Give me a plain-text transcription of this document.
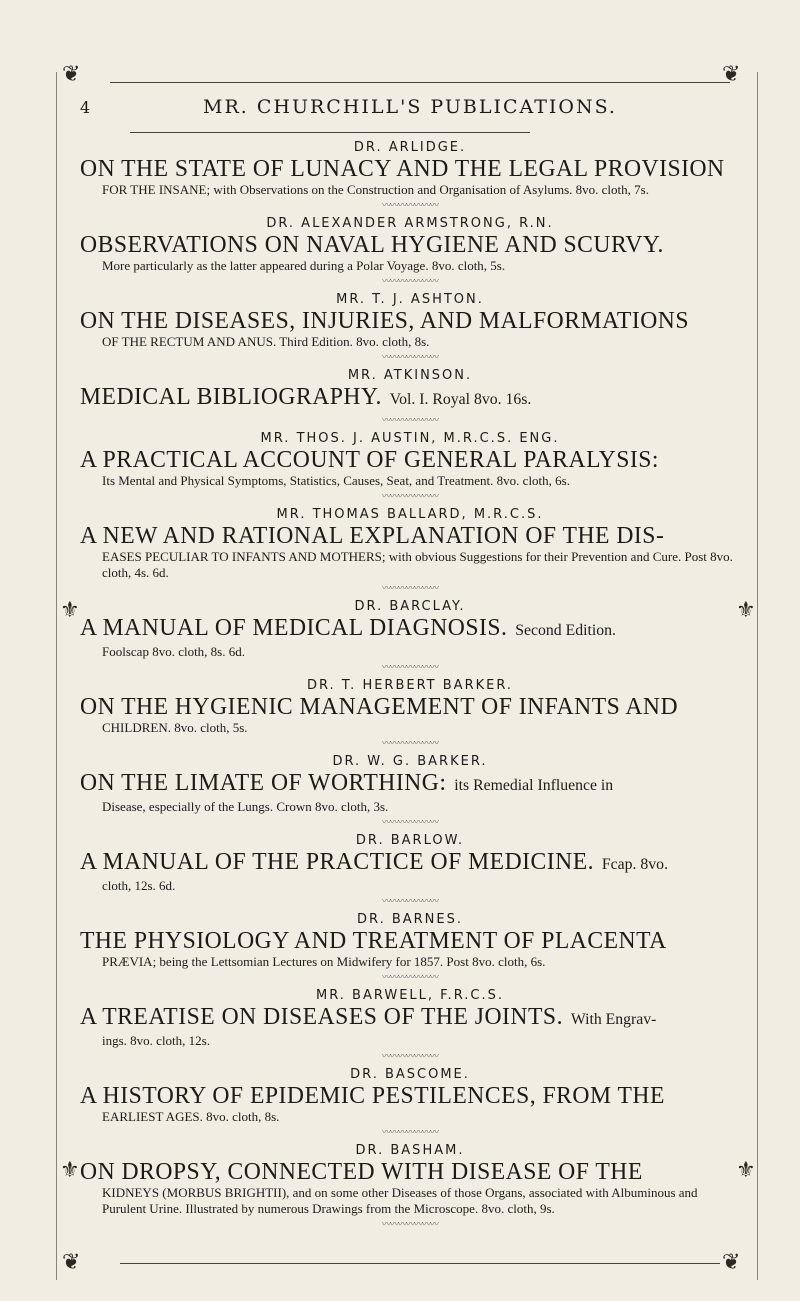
❦	❦
❦	❦
⚜	⚜
⚜	⚜
4	MR. CHURCHILL'S PUBLICATIONS.
DR. ARLIDGE.
ON THE STATE OF LUNACY AND THE LEGAL PROVISION
FOR THE INSANE; with Observations on the Construction and Organisation of Asylums. 8vo. cloth, 7s.
〰〰〰〰〰〰〰
DR. ALEXANDER ARMSTRONG, R.N.
OBSERVATIONS ON NAVAL HYGIENE AND SCURVY.
More particularly as the latter appeared during a Polar Voyage. 8vo. cloth, 5s.
〰〰〰〰〰〰〰
MR. T. J. ASHTON.
ON THE DISEASES, INJURIES, AND MALFORMATIONS
OF THE RECTUM AND ANUS. Third Edition. 8vo. cloth, 8s.
〰〰〰〰〰〰〰
MR. ATKINSON.
MEDICAL BIBLIOGRAPHY. Vol. I. Royal 8vo. 16s.
〰〰〰〰〰〰〰
MR. THOS. J. AUSTIN, M.R.C.S. ENG.
A PRACTICAL ACCOUNT OF GENERAL PARALYSIS:
Its Mental and Physical Symptoms, Statistics, Causes, Seat, and Treatment. 8vo. cloth, 6s.
〰〰〰〰〰〰〰
MR. THOMAS BALLARD, M.R.C.S.
A NEW AND RATIONAL EXPLANATION OF THE DIS-
EASES PECULIAR TO INFANTS AND MOTHERS; with obvious Suggestions for their Prevention and Cure. Post 8vo. cloth, 4s. 6d.
〰〰〰〰〰〰〰
DR. BARCLAY.
A MANUAL OF MEDICAL DIAGNOSIS. Second Edition.
Foolscap 8vo. cloth, 8s. 6d.
〰〰〰〰〰〰〰
DR. T. HERBERT BARKER.
ON THE HYGIENIC MANAGEMENT OF INFANTS AND
CHILDREN. 8vo. cloth, 5s.
〰〰〰〰〰〰〰
DR. W. G. BARKER.
ON THE LIMATE OF WORTHING: its Remedial Influence in
Disease, especially of the Lungs. Crown 8vo. cloth, 3s.
〰〰〰〰〰〰〰
DR. BARLOW.
A MANUAL OF THE PRACTICE OF MEDICINE. Fcap. 8vo.
cloth, 12s. 6d.
〰〰〰〰〰〰〰
DR. BARNES.
THE PHYSIOLOGY AND TREATMENT OF PLACENTA
PRÆVIA; being the Lettsomian Lectures on Midwifery for 1857. Post 8vo. cloth, 6s.
〰〰〰〰〰〰〰
MR. BARWELL, F.R.C.S.
A TREATISE ON DISEASES OF THE JOINTS. With Engrav-
ings. 8vo. cloth, 12s.
〰〰〰〰〰〰〰
DR. BASCOME.
A HISTORY OF EPIDEMIC PESTILENCES, FROM THE
EARLIEST AGES. 8vo. cloth, 8s.
〰〰〰〰〰〰〰
DR. BASHAM.
ON DROPSY, CONNECTED WITH DISEASE OF THE
KIDNEYS (MORBUS BRIGHTII), and on some other Diseases of those Organs, associated with Albuminous and Purulent Urine. Illustrated by numerous Drawings from the Microscope. 8vo. cloth, 9s.
〰〰〰〰〰〰〰
